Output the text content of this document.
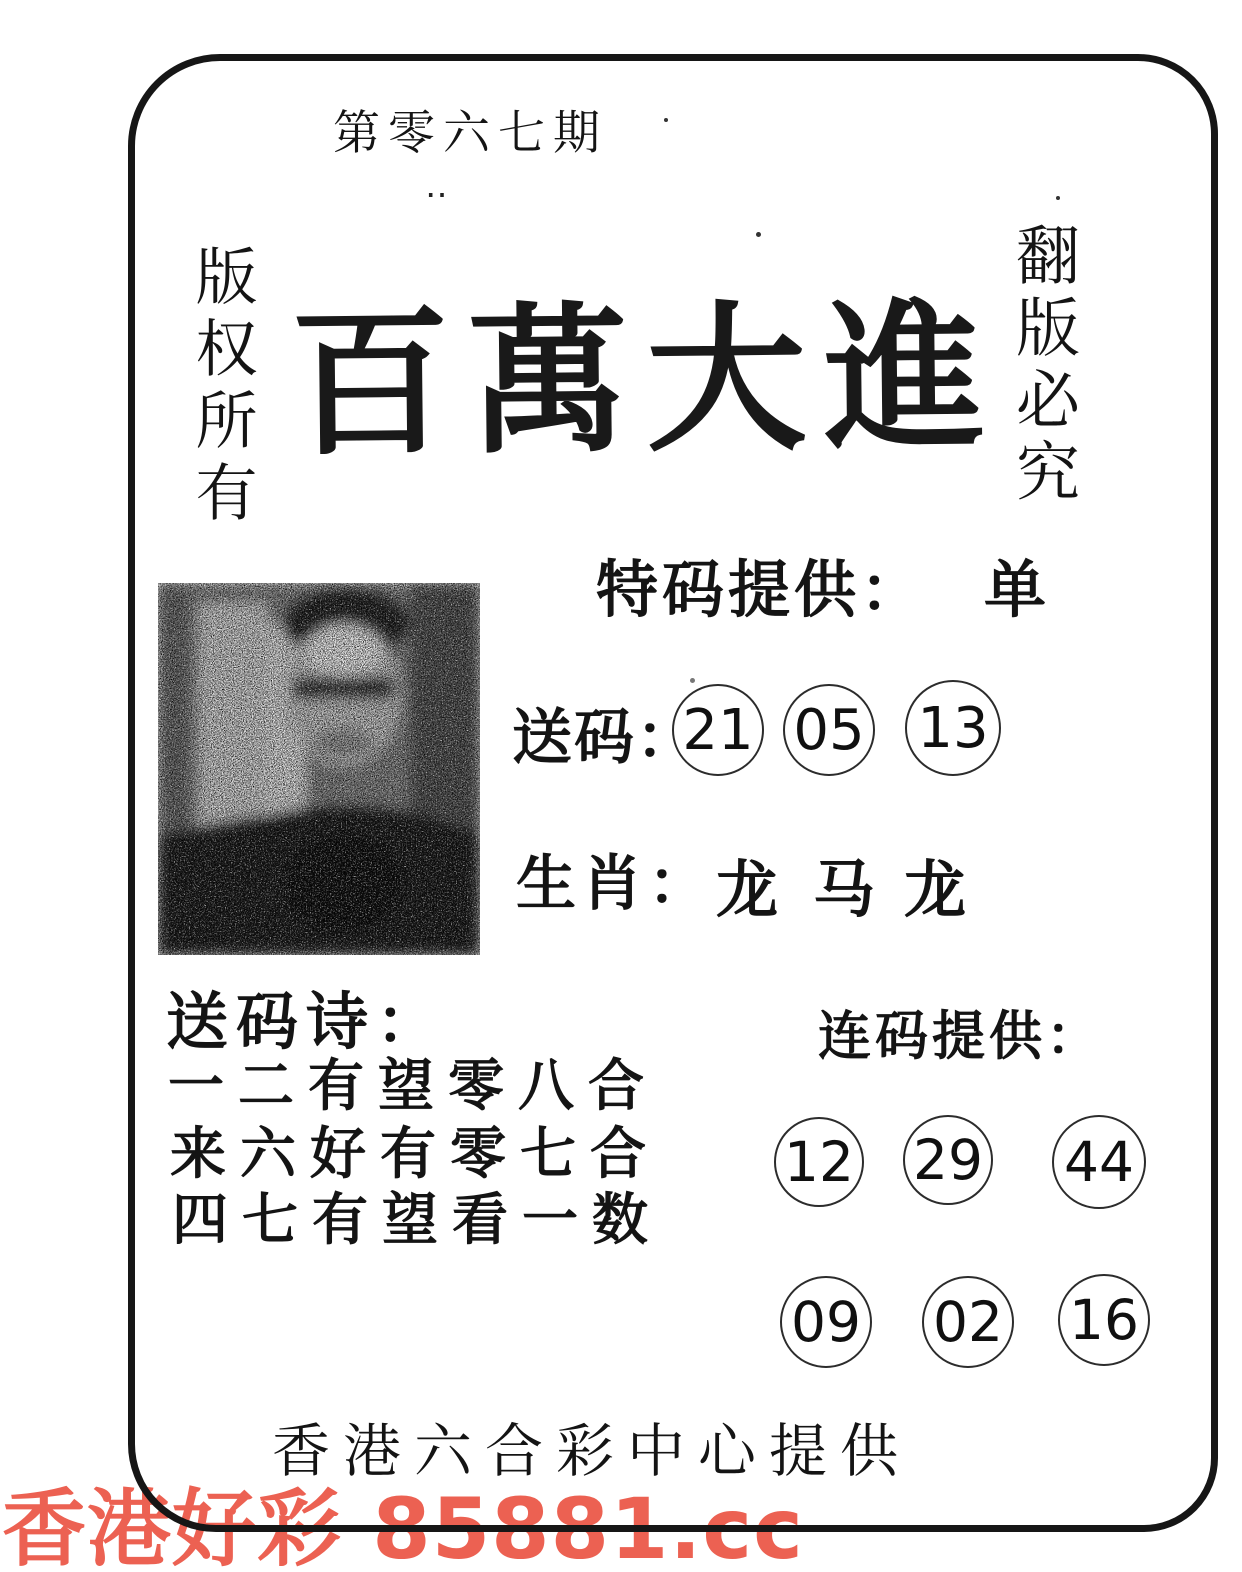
第零六七期
‥
版权所有	翻版必究
百萬大進
特码提供： 单
送码：
21 05 13
生肖： 龙 马 龙
送码诗：
一二有望零八合
来六好有零七合
四七有望看一数
连码提供：
12 29 44
09 02 16
香港六合彩中心提供
香港好彩 85881.cc
